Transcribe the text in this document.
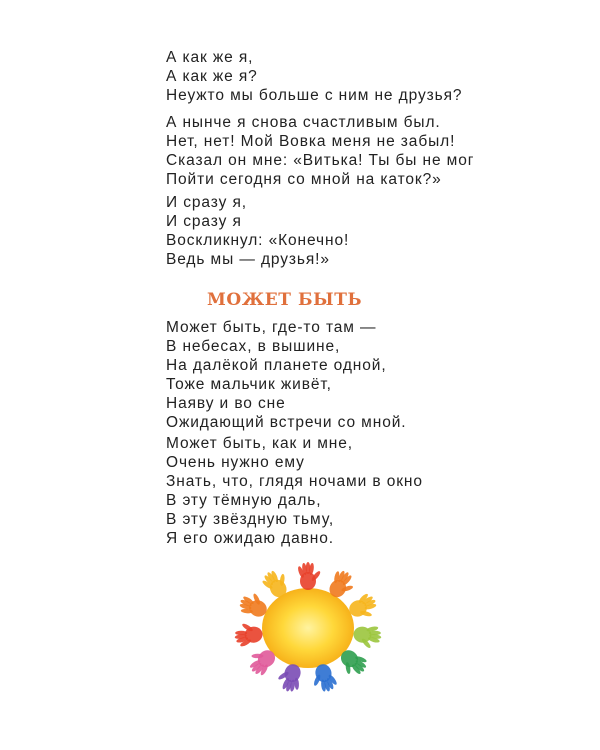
А как же я,
А как же я?
Неужто мы больше с ним не друзья?
А нынче я снова счастливым был.
Нет, нет! Мой Вовка меня не забыл!
Сказал он мне: «Витька! Ты бы не мог
Пойти сегодня со мной на каток?»
И сразу я,
И сразу я
Воскликнул: «Конечно!
Ведь мы — друзья!»
МОЖЕТ БЫТЬ
Может быть, где-то там —
В небесах, в вышине,
На далёкой планете одной,
Тоже мальчик живёт,
Наяву и во сне
Ожидающий встречи со мной.
Может быть, как и мне,
Очень нужно ему
Знать, что, глядя ночами в окно
В эту тёмную даль,
В эту звёздную тьму,
Я его ожидаю давно.
